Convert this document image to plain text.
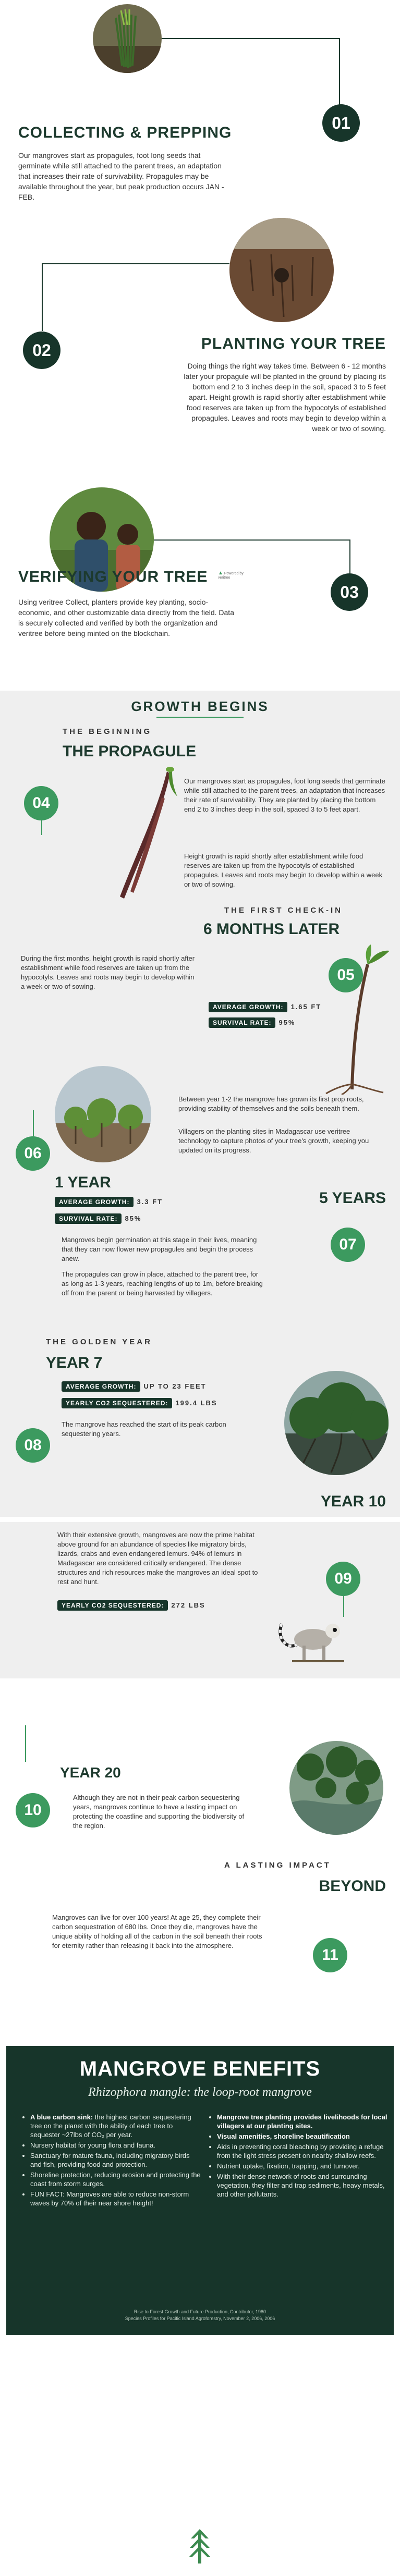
01
COLLECTING & PREPPING

Our mangroves start as propagules, foot long seeds that germinate while still attached to the parent trees, an adaptation that increases their rate of survivability. Propagules may be available throughout the year, but peak production occurs JAN - FEB.

02	PLANTING YOUR TREE

Doing things the right way takes time. Between 6 - 12 months later your propagule will be planted in the ground by placing its bottom end 2 to 3 inches deep in the soil, spaced 3 to 5 feet apart. Height growth is rapid shortly after establishment while food reserves are taken up from the hypocotyls of established propagules. Leaves and roots may begin to develop within a week or two of sowing.

03
VERIFYING YOUR TREE ▲ Powered by veritree

Using veritree Collect, planters provide key planting, socio-economic, and other customizable data directly from the field. Data is securely collected and verified by both the organization and veritree before being minted on the blockchain.

GROWTH BEGINS
THE BEGINNING
THE PROPAGULE
04

Our mangroves start as propagules, foot long seeds that germinate while still attached to the parent trees, an adaptation that increases their rate of survivability. They are planted by placing the bottom end 2 to 3 inches deep in the soil, spaced 3 to 5 feet apart.

Height growth is rapid shortly after establishment while food reserves are taken up from the hypocotyls of established propagules. Leaves and roots may begin to develop within a week or two of sowing.

THE FIRST CHECK-IN
6 MONTHS LATER

During the first months, height growth is rapid shortly after establishment while food reserves are taken up from the hypocotyls. Leaves and roots may begin to develop within a week or two of sowing.

05
AVERAGE GROWTH: 1.65 FT
SURVIVAL RATE: 95%
06
1 YEAR
AVERAGE GROWTH: 3.3 FT
SURVIVAL RATE: 85%

Between year 1-2 the mangrove has grown its first prop roots, providing stability of themselves and the soils beneath them.

Villagers on the planting sites in Madagascar use veritree technology to capture photos of your tree's growth, keeping you updated on its progress.

5 YEARS
07

Mangroves begin germination at this stage in their lives, meaning that they can now flower new propagules and begin the process anew.

The propagules can grow in place, attached to the parent tree, for as long as 1-3 years, reaching lengths of up to 1m, before breaking off from the parent or being harvested by villagers.

THE GOLDEN YEAR
YEAR 7
08
AVERAGE GROWTH: UP TO 23 FEET
YEARLY CO2 SEQUESTERED: 199.4 LBS

The mangrove has reached the start of its peak carbon sequestering years.

YEAR 10

With their extensive growth, mangroves are now the prime habitat above ground for an abundance of species like migratory birds, lizards, crabs and even endangered lemurs. 94% of lemurs in Madagascar are considered critically endangered. The dense structures and rich resources make the mangroves an ideal spot to rest and hunt.

YEARLY CO2 SEQUESTERED: 272 LBS
09
YEAR 20
10

Although they are not in their peak carbon sequestering years, mangroves continue to have a lasting impact on protecting the coastline and supporting the biodiversity of the region.

A LASTING IMPACT
BEYOND

Mangroves can live for over 100 years! At age 25, they complete their carbon sequestration of 680 lbs. Once they die, mangroves have the unique ability of holding all of the carbon in the soil beneath their roots for eternity rather than releasing it back into the atmosphere.

11
MANGROVE BENEFITS
Rhizophora mangle: the loop-root mangrove
• A blue carbon sink: the highest carbon sequestering tree on the planet with the ability of each tree to sequester ~27lbs of CO₂ per year.
• Nursery habitat for young flora and fauna.
• Sanctuary for mature fauna, including migratory birds and fish, providing food and protection.
• Shoreline protection, reducing erosion and protecting the coast from storm surges.
• FUN FACT: Mangroves are able to reduce non-storm waves by 70% of their near shore height!
• Mangrove tree planting provides livelihoods for local villagers at our planting sites.
• Visual amenities, shoreline beautification
• Aids in preventing coral bleaching by providing a refuge from the light stress present on nearby shallow reefs.
• Nutrient uptake, fixation, trapping, and turnover.
• With their dense network of roots and surrounding vegetation, they filter and trap sediments, heavy metals, and other pollutants.
Rise to Forest Growth and Future Production, Contributor, 1980
Species Profiles for Pacific Island Agroforestry, November 2, 2006, 2006
